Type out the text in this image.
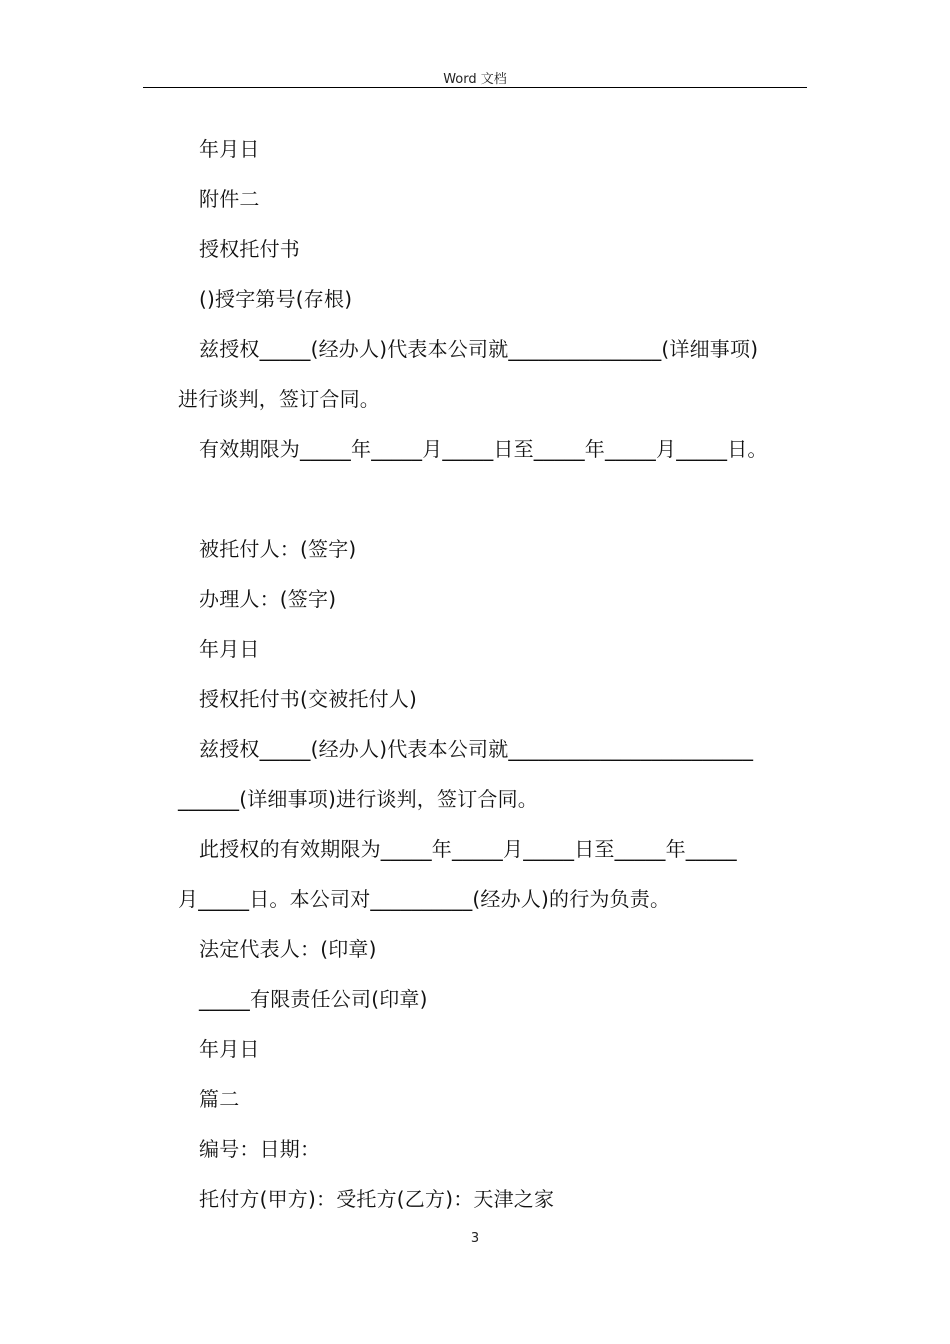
Word 文档
年月日
附件二
授权托付书
()授字第号(存根)
兹授权_____(经办人)代表本公司就_______________(详细事项)
进行谈判，签订合同。
有效期限为_____年_____月_____日至_____年_____月_____日。
被托付人：(签字)
办理人：(签字)
年月日
授权托付书(交被托付人)
兹授权_____(经办人)代表本公司就________________________
______(详细事项)进行谈判，签订合同。
此授权的有效期限为_____年_____月_____日至_____年_____
月_____日。本公司对__________(经办人)的行为负责。
法定代表人：(印章)
_____有限责任公司(印章)
年月日
篇二
编号：日期：
托付方(甲方)：受托方(乙方)：天津之家
3
